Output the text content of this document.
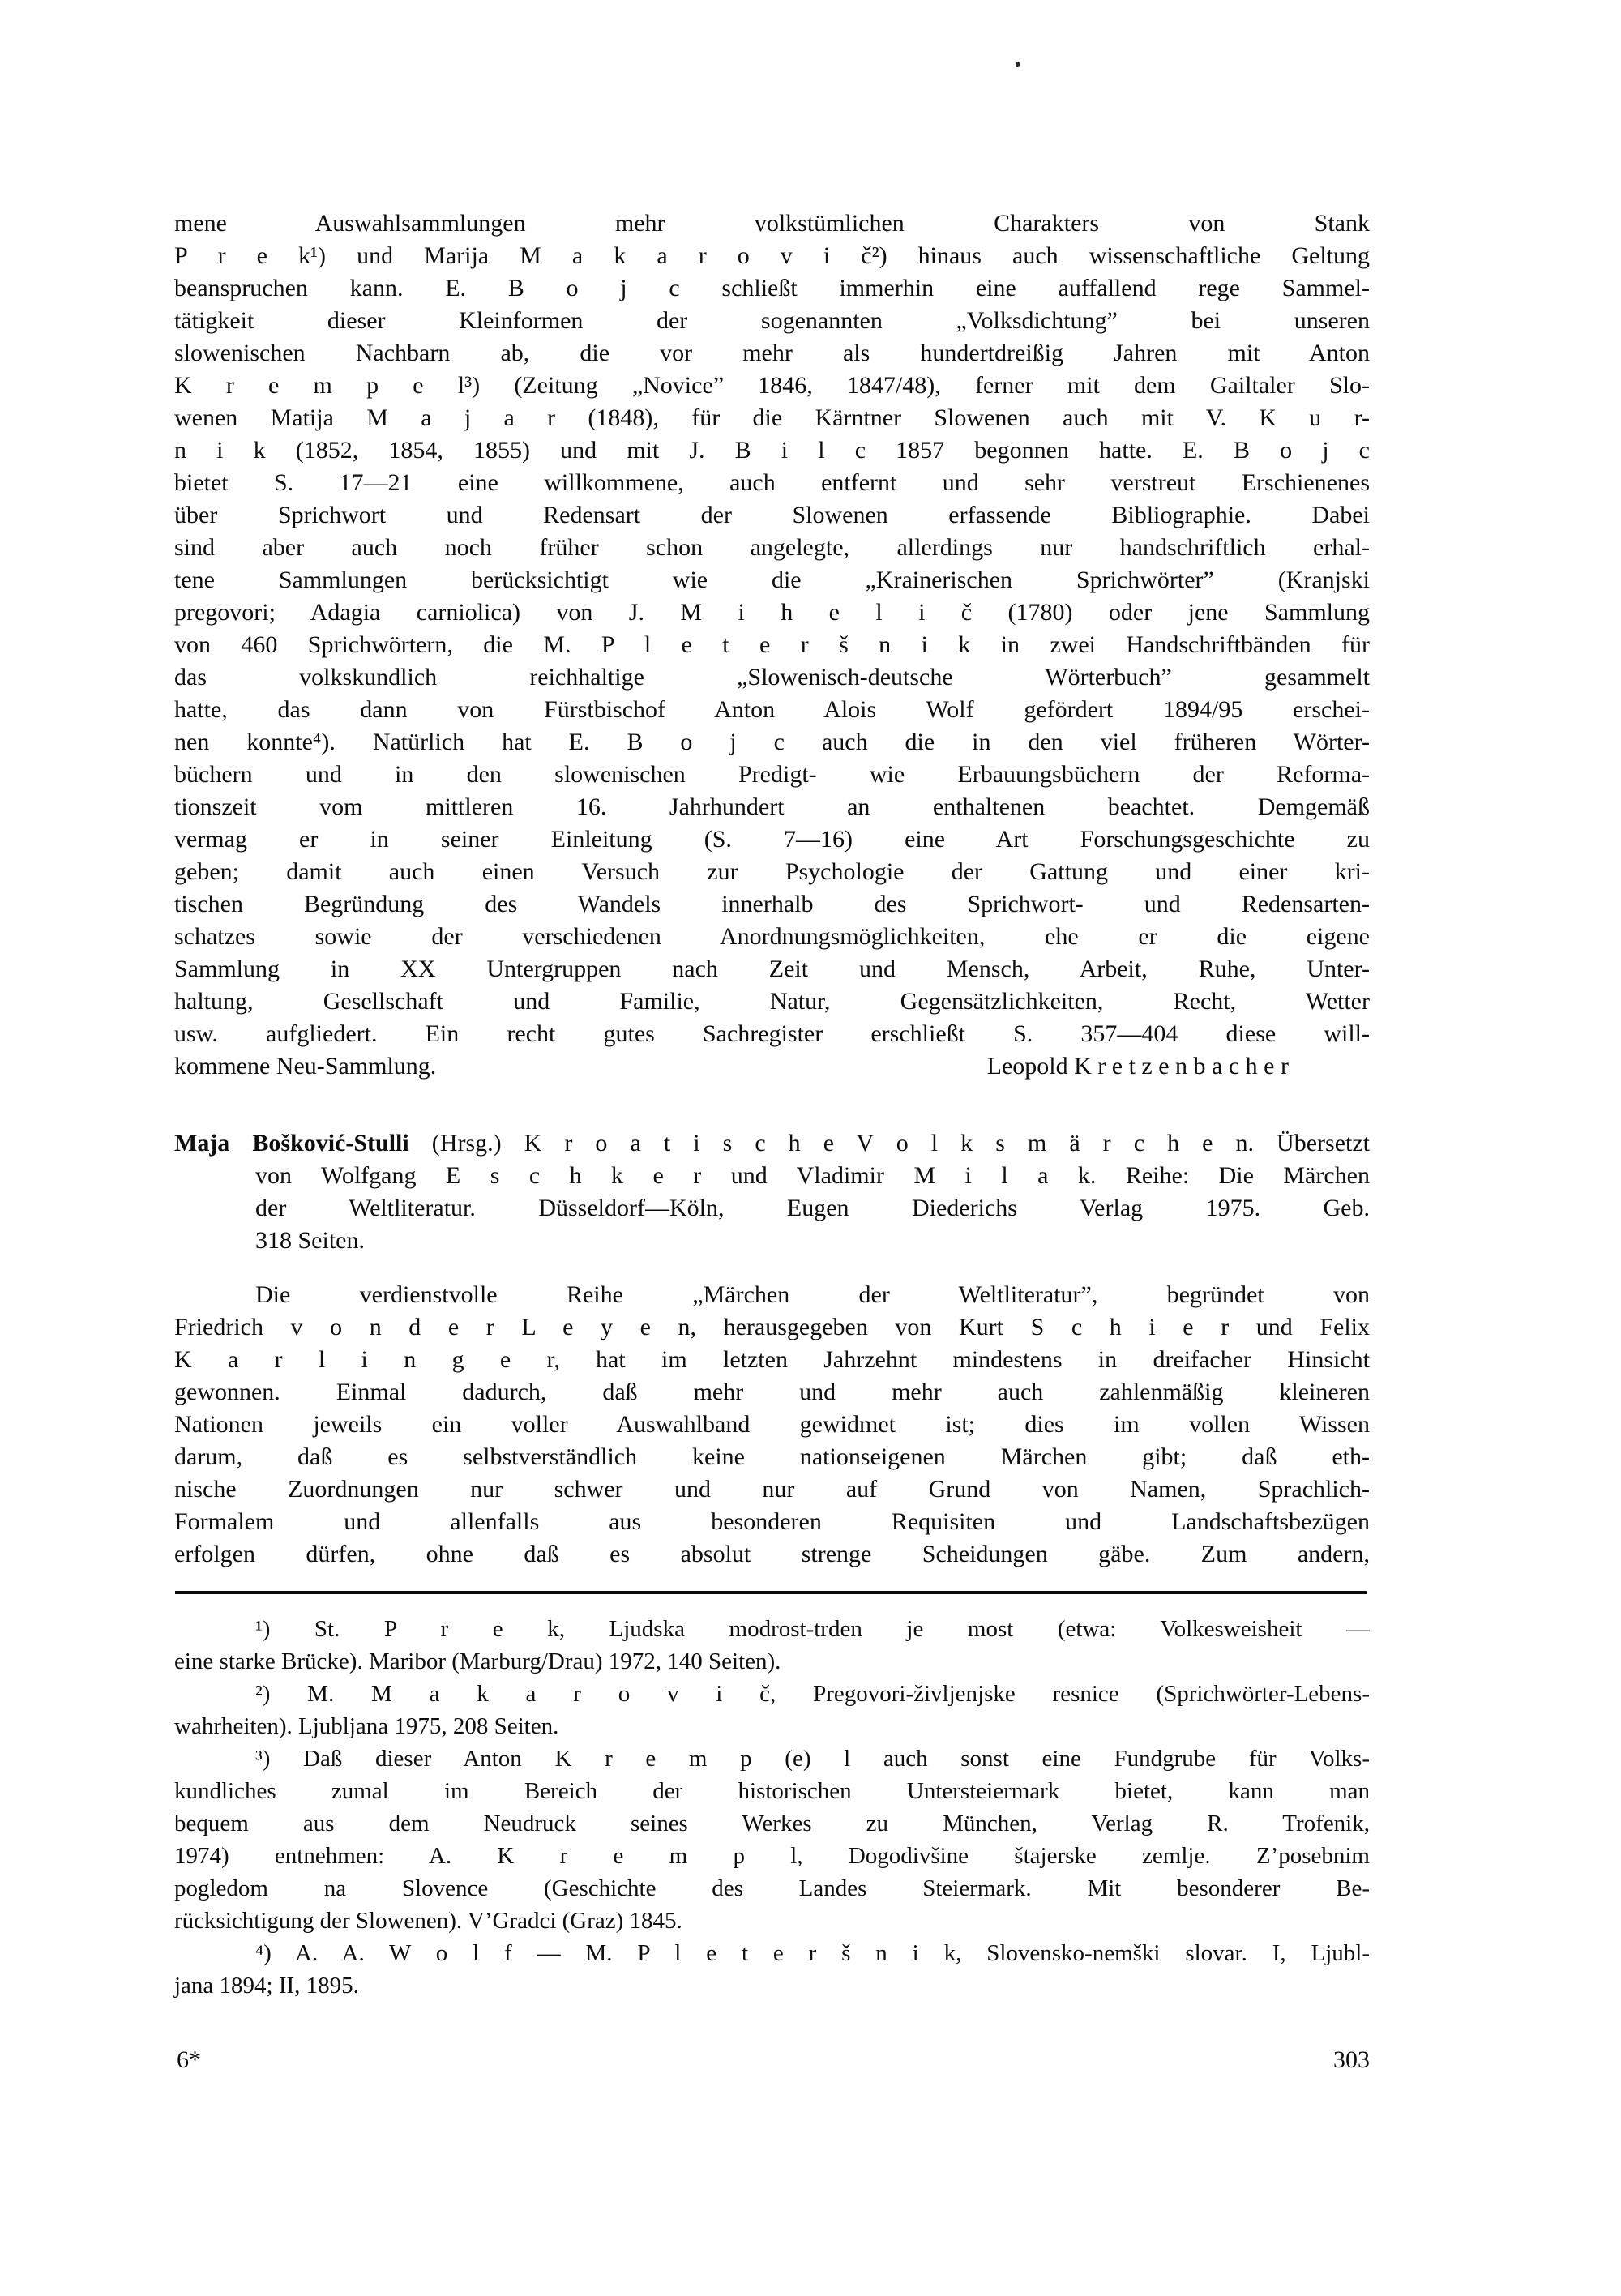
mene Auswahlsammlungen mehr volkstümlichen Charakters von Stank
P r e k¹) und Marija M a k a r o v i č²) hinaus auch wissenschaftliche Geltung
beanspruchen kann. E. B o j c schließt immerhin eine auffallend rege Sammel-
tätigkeit dieser Kleinformen der sogenannten „Volksdichtung” bei unseren
slowenischen Nachbarn ab, die vor mehr als hundertdreißig Jahren mit Anton
K r e m p e l³) (Zeitung „Novice” 1846, 1847/48), ferner mit dem Gailtaler Slo-
wenen Matija M a j a r (1848), für die Kärntner Slowenen auch mit V. K u r-
n i k (1852, 1854, 1855) und mit J. B i l c 1857 begonnen hatte. E. B o j c
bietet S. 17—21 eine willkommene, auch entfernt und sehr verstreut Erschienenes
über Sprichwort und Redensart der Slowenen erfassende Bibliographie. Dabei
sind aber auch noch früher schon angelegte, allerdings nur handschriftlich erhal-
tene Sammlungen berücksichtigt wie die „Krainerischen Sprichwörter” (Kranjski
pregovori; Adagia carniolica) von J. M i h e l i č (1780) oder jene Sammlung
von 460 Sprichwörtern, die M. P l e t e r š n i k in zwei Handschriftbänden für
das volkskundlich reichhaltige „Slowenisch-deutsche Wörterbuch” gesammelt
hatte, das dann von Fürstbischof Anton Alois Wolf gefördert 1894/95 erschei-
nen konnte⁴). Natürlich hat E. B o j c auch die in den viel früheren Wörter-
büchern und in den slowenischen Predigt- wie Erbauungsbüchern der Reforma-
tionszeit vom mittleren 16. Jahrhundert an enthaltenen beachtet. Demgemäß
vermag er in seiner Einleitung (S. 7—16) eine Art Forschungsgeschichte zu
geben; damit auch einen Versuch zur Psychologie der Gattung und einer kri-
tischen Begründung des Wandels innerhalb des Sprichwort- und Redensarten-
schatzes sowie der verschiedenen Anordnungsmöglichkeiten, ehe er die eigene
Sammlung in XX Untergruppen nach Zeit und Mensch, Arbeit, Ruhe, Unter-
haltung, Gesellschaft und Familie, Natur, Gegensätzlichkeiten, Recht, Wetter
usw. aufgliedert. Ein recht gutes Sachregister erschließt S. 357—404 diese will-
kommene Neu-Sammlung.	Leopold K r e t z e n b a c h e r
Maja Bošković-Stulli (Hrsg.) K r o a t i s c h e V o l k s m ä r c h e n. Übersetzt
von Wolfgang E s c h k e r und Vladimir M i l a k. Reihe: Die Märchen
der Weltliteratur. Düsseldorf—Köln, Eugen Diederichs Verlag 1975. Geb.
318 Seiten.
Die verdienstvolle Reihe „Märchen der Weltliteratur”, begründet von
Friedrich v o n d e r L e y e n, herausgegeben von Kurt S c h i e r und Felix
K a r l i n g e r, hat im letzten Jahrzehnt mindestens in dreifacher Hinsicht
gewonnen. Einmal dadurch, daß mehr und mehr auch zahlenmäßig kleineren
Nationen jeweils ein voller Auswahlband gewidmet ist; dies im vollen Wissen
darum, daß es selbstverständlich keine nationseigenen Märchen gibt; daß eth-
nische Zuordnungen nur schwer und nur auf Grund von Namen, Sprachlich-
Formalem und allenfalls aus besonderen Requisiten und Landschaftsbezügen
erfolgen dürfen, ohne daß es absolut strenge Scheidungen gäbe. Zum andern,
¹) St. P r e k, Ljudska modrost-trden je most (etwa: Volkesweisheit —
eine starke Brücke). Maribor (Marburg/Drau) 1972, 140 Seiten).
²) M. M a k a r o v i č, Pregovori-življenjske resnice (Sprichwörter-Lebens-
wahrheiten). Ljubljana 1975, 208 Seiten.
³) Daß dieser Anton K r e m p (e) l auch sonst eine Fundgrube für Volks-
kundliches zumal im Bereich der historischen Untersteiermark bietet, kann man
bequem aus dem Neudruck seines Werkes zu München, Verlag R. Trofenik,
1974) entnehmen: A. K r e m p l, Dogodivšine štajerske zemlje. Z’posebnim
pogledom na Slovence (Geschichte des Landes Steiermark. Mit besonderer Be-
rücksichtigung der Slowenen). V’Gradci (Graz) 1845.
⁴) A. A. W o l f — M. P l e t e r š n i k, Slovensko-nemški slovar. I, Ljubl-
jana 1894; II, 1895.
6*	303
